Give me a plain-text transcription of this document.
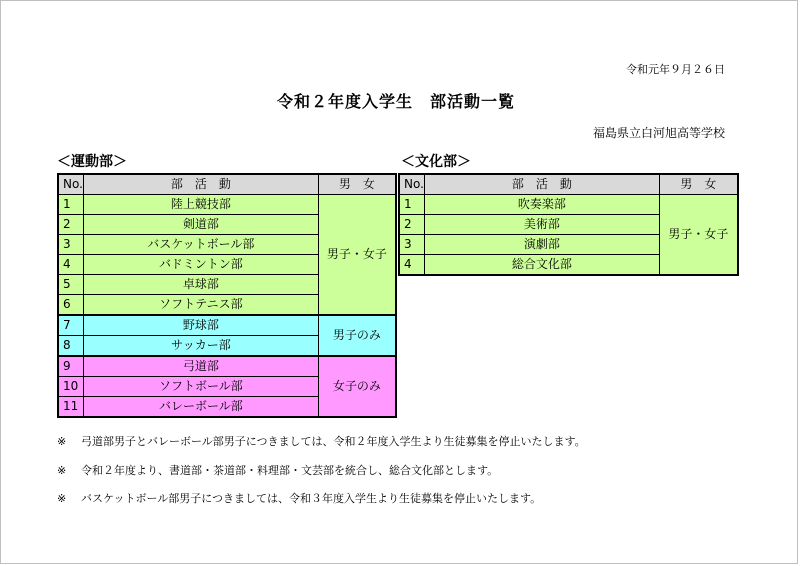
令和元年９月２６日
令和２年度入学生　部活動一覧
福島県立白河旭高等学校
＜運動部＞	＜文化部＞
No.	部　活　動	男　女
1	陸上競技部	男子・女子
2	剣道部	
3	バスケットボール部	
4	バドミントン部	
5	卓球部	
6	ソフトテニス部	
7	野球部	男子のみ
8	サッカー部	
9	弓道部	女子のみ
10	ソフトボール部	
11	バレーボール部	
No.	部　活　動	男　女
1	吹奏楽部	男子・女子
2	美術部	
3	演劇部	
4	総合文化部	
※ 弓道部男子とバレーボール部男子につきましては、令和２年度入学生より生徒募集を停止いたします。
※ 令和２年度より、書道部・茶道部・料理部・文芸部を統合し、総合文化部とします。
※ バスケットボール部男子につきましては、令和３年度入学生より生徒募集を停止いたします。
